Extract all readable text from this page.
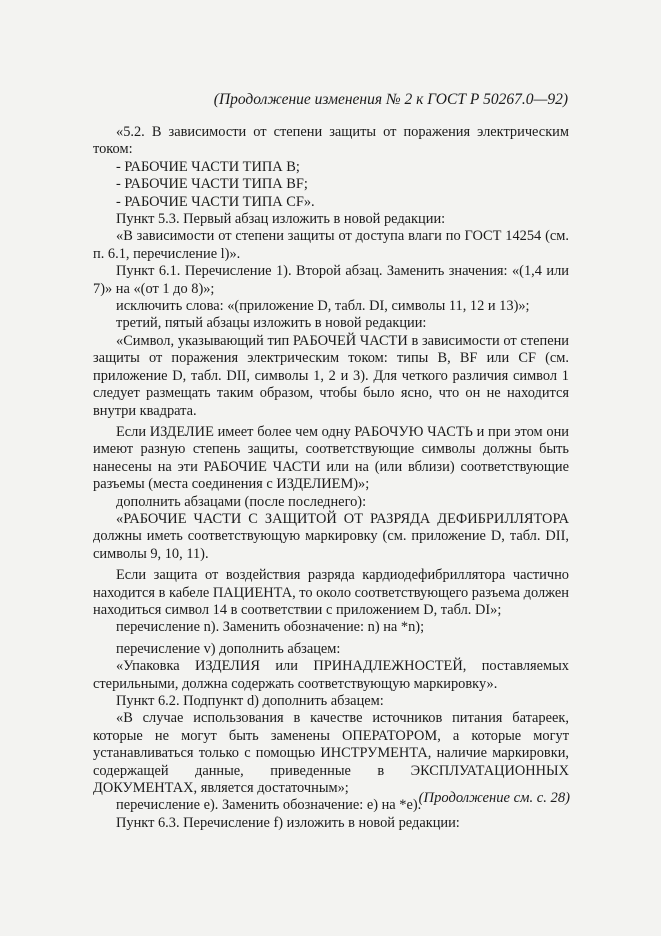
(Продолжение изменения № 2 к ГОСТ Р 50267.0—92)

«5.2. В зависимости от степени защиты от поражения электрическим током:

- РАБОЧИЕ ЧАСТИ ТИПА В;

- РАБОЧИЕ ЧАСТИ ТИПА BF;

- РАБОЧИЕ ЧАСТИ ТИПА CF».

Пункт 5.3. Первый абзац изложить в новой редакции:

«В зависимости от степени защиты от доступа влаги по ГОСТ 14254 (см. п. 6.1, перечисление l)».

Пункт 6.1. Перечисление 1). Второй абзац. Заменить значения: «(1,4 или 7)» на «(от 1 до 8)»;

исключить слова: «(приложение D, табл. DI, символы 11, 12 и 13)»;

третий, пятый абзацы изложить в новой редакции:

«Символ, указывающий тип РАБОЧЕЙ ЧАСТИ в зависимости от степени защиты от поражения электрическим током: типы В, BF или CF (см. приложение D, табл. DII, символы 1, 2 и 3). Для четкого различия символ 1 следует размещать таким образом, чтобы было ясно, что он не находится внутри квадрата.

Если ИЗДЕЛИЕ имеет более чем одну РАБОЧУЮ ЧАСТЬ и при этом они имеют разную степень защиты, соответствующие символы должны быть нанесены на эти РАБОЧИЕ ЧАСТИ или на (или вблизи) соответствующие разъемы (места соединения с ИЗДЕЛИЕМ)»;

дополнить абзацами (после последнего):

«РАБОЧИЕ ЧАСТИ С ЗАЩИТОЙ ОТ РАЗРЯДА ДЕФИБРИЛЛЯТОРА должны иметь соответствующую маркировку (см. приложение D, табл. DII, символы 9, 10, 11).

Если защита от воздействия разряда кардиодефибриллятора частично находится в кабеле ПАЦИЕНТА, то около соответствующего разъема должен находиться символ 14 в соответствии с приложением D, табл. DI»;

перечисление n). Заменить обозначение: n) на *n);

перечисление v) дополнить абзацем:

«Упаковка ИЗДЕЛИЯ или ПРИНАДЛЕЖНОСТЕЙ, поставляемых стерильными, должна содержать соответствующую маркировку».

Пункт 6.2. Подпункт d) дополнить абзацем:

«В случае использования в качестве источников питания батареек, которые не могут быть заменены ОПЕРАТОРОМ, а которые могут устанавливаться только с помощью ИНСТРУМЕНТА, наличие маркировки, содержащей данные, приведенные в ЭКСПЛУАТАЦИОННЫХ ДОКУМЕНТАХ, является достаточным»;

перечисление е). Заменить обозначение: е) на *е).

Пункт 6.3. Перечисление f) изложить в новой редакции:

(Продолжение см. с. 28)
